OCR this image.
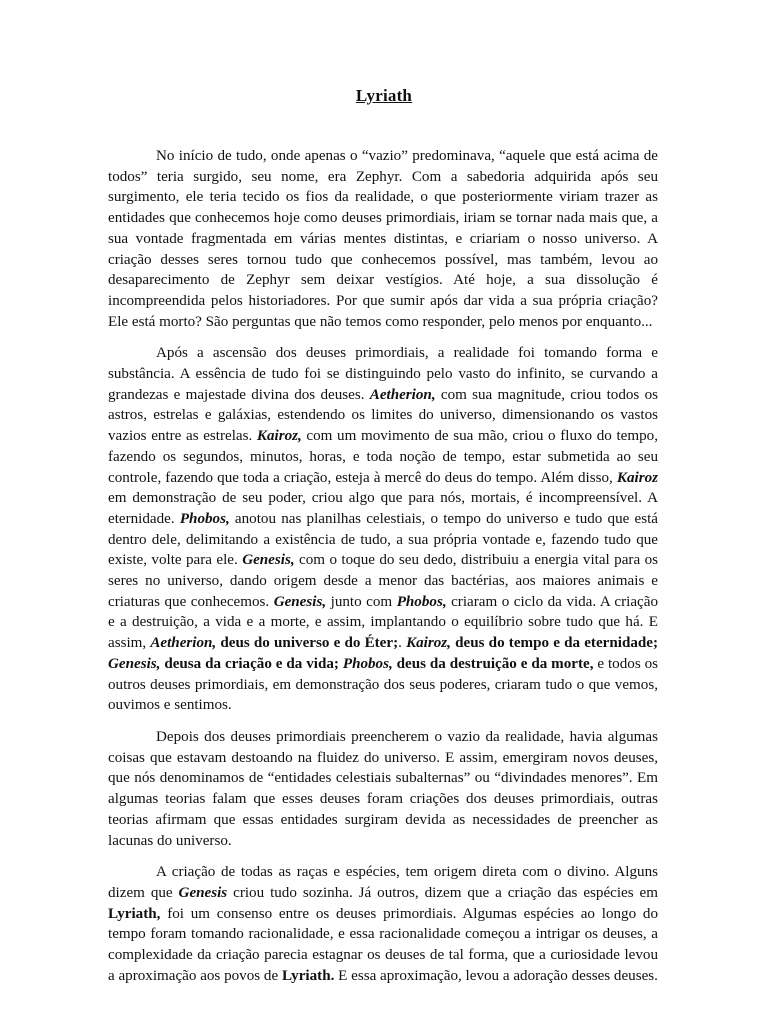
Lyriath

No início de tudo, onde apenas o “vazio” predominava, “aquele que está acima de todos” teria surgido, seu nome, era Zephyr. Com a sabedoria adquirida após seu surgimento, ele teria tecido os fios da realidade, o que posteriormente viriam trazer as entidades que conhecemos hoje como deuses primordiais, iriam se tornar nada mais que, a sua vontade fragmentada em várias mentes distintas, e criariam o nosso universo. A criação desses seres tornou tudo que conhecemos possível, mas também, levou ao desaparecimento de Zephyr sem deixar vestígios. Até hoje, a sua dissolução é incompreendida pelos historiadores. Por que sumir após dar vida a sua própria criação? Ele está morto? São perguntas que não temos como responder, pelo menos por enquanto...

Após a ascensão dos deuses primordiais, a realidade foi tomando forma e substância. A essência de tudo foi se distinguindo pelo vasto do infinito, se curvando a grandezas e majestade divina dos deuses. Aetherion, com sua magnitude, criou todos os astros, estrelas e galáxias, estendendo os limites do universo, dimensionando os vastos vazios entre as estrelas. Kairoz, com um movimento de sua mão, criou o fluxo do tempo, fazendo os segundos, minutos, horas, e toda noção de tempo, estar submetida ao seu controle, fazendo que toda a criação, esteja à mercê do deus do tempo. Além disso, Kairoz em demonstração de seu poder, criou algo que para nós, mortais, é incompreensível. A eternidade. Phobos, anotou nas planilhas celestiais, o tempo do universo e tudo que está dentro dele, delimitando a existência de tudo, a sua própria vontade e, fazendo tudo que existe, volte para ele. Genesis, com o toque do seu dedo, distribuiu a energia vital para os seres no universo, dando origem desde a menor das bactérias, aos maiores animais e criaturas que conhecemos. Genesis, junto com Phobos, criaram o ciclo da vida. A criação e a destruição, a vida e a morte, e assim, implantando o equilíbrio sobre tudo que há. E assim, Aetherion, deus do universo e do Éter;. Kairoz, deus do tempo e da eternidade; Genesis, deusa da criação e da vida; Phobos, deus da destruição e da morte, e todos os outros deuses primordiais, em demonstração dos seus poderes, criaram tudo o que vemos, ouvimos e sentimos.

Depois dos deuses primordiais preencherem o vazio da realidade, havia algumas coisas que estavam destoando na fluidez do universo. E assim, emergiram novos deuses, que nós denominamos de “entidades celestiais subalternas” ou “divindades menores”. Em algumas teorias falam que esses deuses foram criações dos deuses primordiais, outras teorias afirmam que essas entidades surgiram devida as necessidades de preencher as lacunas do universo.

A criação de todas as raças e espécies, tem origem direta com o divino. Alguns dizem que Genesis criou tudo sozinha. Já outros, dizem que a criação das espécies em Lyriath, foi um consenso entre os deuses primordiais. Algumas espécies ao longo do tempo foram tomando racionalidade, e essa racionalidade começou a intrigar os deuses, a complexidade da criação parecia estagnar os deuses de tal forma, que a curiosidade levou a aproximação aos povos de Lyriath. E essa aproximação, levou a adoração desses deuses.
